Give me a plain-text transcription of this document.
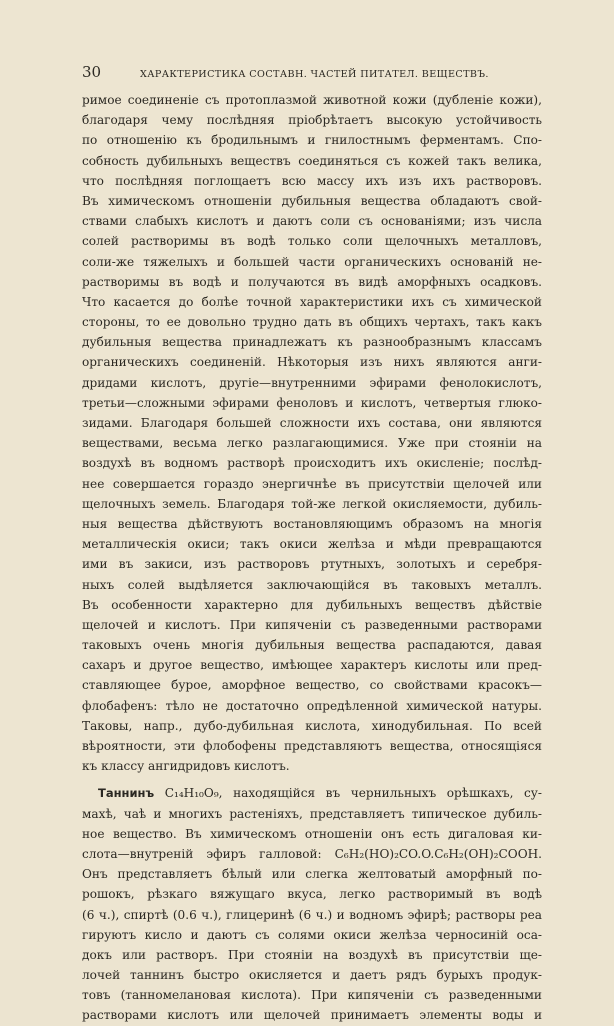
30	ХАРАКТЕРИСТИКА СОСТАВН. ЧАСТЕЙ ПИТАТЕЛ. ВЕЩЕСТВЪ.
римое соединеніе съ протоплазмой животной кожи (дубленіе кожи),
благодаря чему послѣдняя пріобрѣтаетъ высокую устойчивость
по отношенію къ бродильнымъ и гнилостнымъ ферментамъ. Спо-
собность дубильныхъ веществъ соединяться съ кожей такъ велика,
что послѣдняя поглощаетъ всю массу ихъ изъ ихъ растворовъ.
Въ химическомъ отношеніи дубильныя вещества обладаютъ свой-
ствами слабыхъ кислотъ и даютъ соли съ основаніями; изъ числа
солей растворимы въ водѣ только соли щелочныхъ металловъ,
соли-же тяжелыхъ и большей части органическихъ основаній не-
растворимы въ водѣ и получаются въ видѣ аморфныхъ осадковъ.
Что касается до болѣе точной характеристики ихъ съ химической
стороны, то ее довольно трудно дать въ общихъ чертахъ, такъ какъ
дубильныя вещества принадлежатъ къ разнообразнымъ классамъ
органическихъ соединеній. Нѣкоторыя изъ нихъ являются анги-
дридами кислотъ, другіе—внутренними эфирами фенолокислотъ,
третьи—сложными эфирами феноловъ и кислотъ, четвертыя глюко-
зидами. Благодаря большей сложности ихъ состава, они являются
веществами, весьма легко разлагающимися. Уже при стояніи на
воздухѣ въ водномъ растворѣ происходитъ ихъ окисленіе; послѣд-
нее совершается гораздо энергичнѣе въ присутствіи щелочей или
щелочныхъ земель. Благодаря той-же легкой окисляемости, дубиль-
ныя вещества дѣйствуютъ востановляющимъ образомъ на многія
металлическія окиси; такъ окиси желѣза и мѣди превращаются
ими въ закиси, изъ растворовъ ртутныхъ, золотыхъ и серебря-
ныхъ солей выдѣляется заключающійся въ таковыхъ металлъ.
Въ особенности характерно для дубильныхъ веществъ дѣйствіе
щелочей и кислотъ. При кипяченіи съ разведенными растворами
таковыхъ очень многія дубильныя вещества распадаются, давая
сахаръ и другое вещество, имѣющее характеръ кислоты или пред-
ставляющее бурое, аморфное вещество, со свойствами красокъ—
флобафенъ: тѣло не достаточно опредѣленной химической натуры.
Таковы, напр., дубо-дубильная кислота, хинодубильная. По всей
вѣроятности, эти флобофены представляютъ вещества, относящіяся
къ классу ангидридовъ кислотъ.
Таннинъ C₁₄H₁₀O₉, находящійся въ чернильныхъ орѣшкахъ, су-
махѣ, чаѣ и многихъ растеніяхъ, представляетъ типическое дубиль-
ное вещество. Въ химическомъ отношеніи онъ есть дигаловая ки-
слота—внутреній эфиръ галловой: C₆H₂(HO)₂CO.O.C₆H₂(OH)₂COOH.
Онъ представляетъ бѣлый или слегка желтоватый аморфный по-
рошокъ, рѣзкаго вяжущаго вкуса, легко растворимый въ водѣ
(6 ч.), спиртѣ (0.6 ч.), глицеринѣ (6 ч.) и водномъ эфирѣ; растворы реа
гируютъ кисло и даютъ съ солями окиси желѣза черносиній оса-
докъ или растворъ. При стояніи на воздухѣ въ присутствіи ще-
лочей таннинъ быстро окисляется и даетъ рядъ бурыхъ продук-
товъ (танномелановая кислота). При кипяченіи съ разведенными
растворами кислотъ или щелочей принимаетъ элементы воды и
